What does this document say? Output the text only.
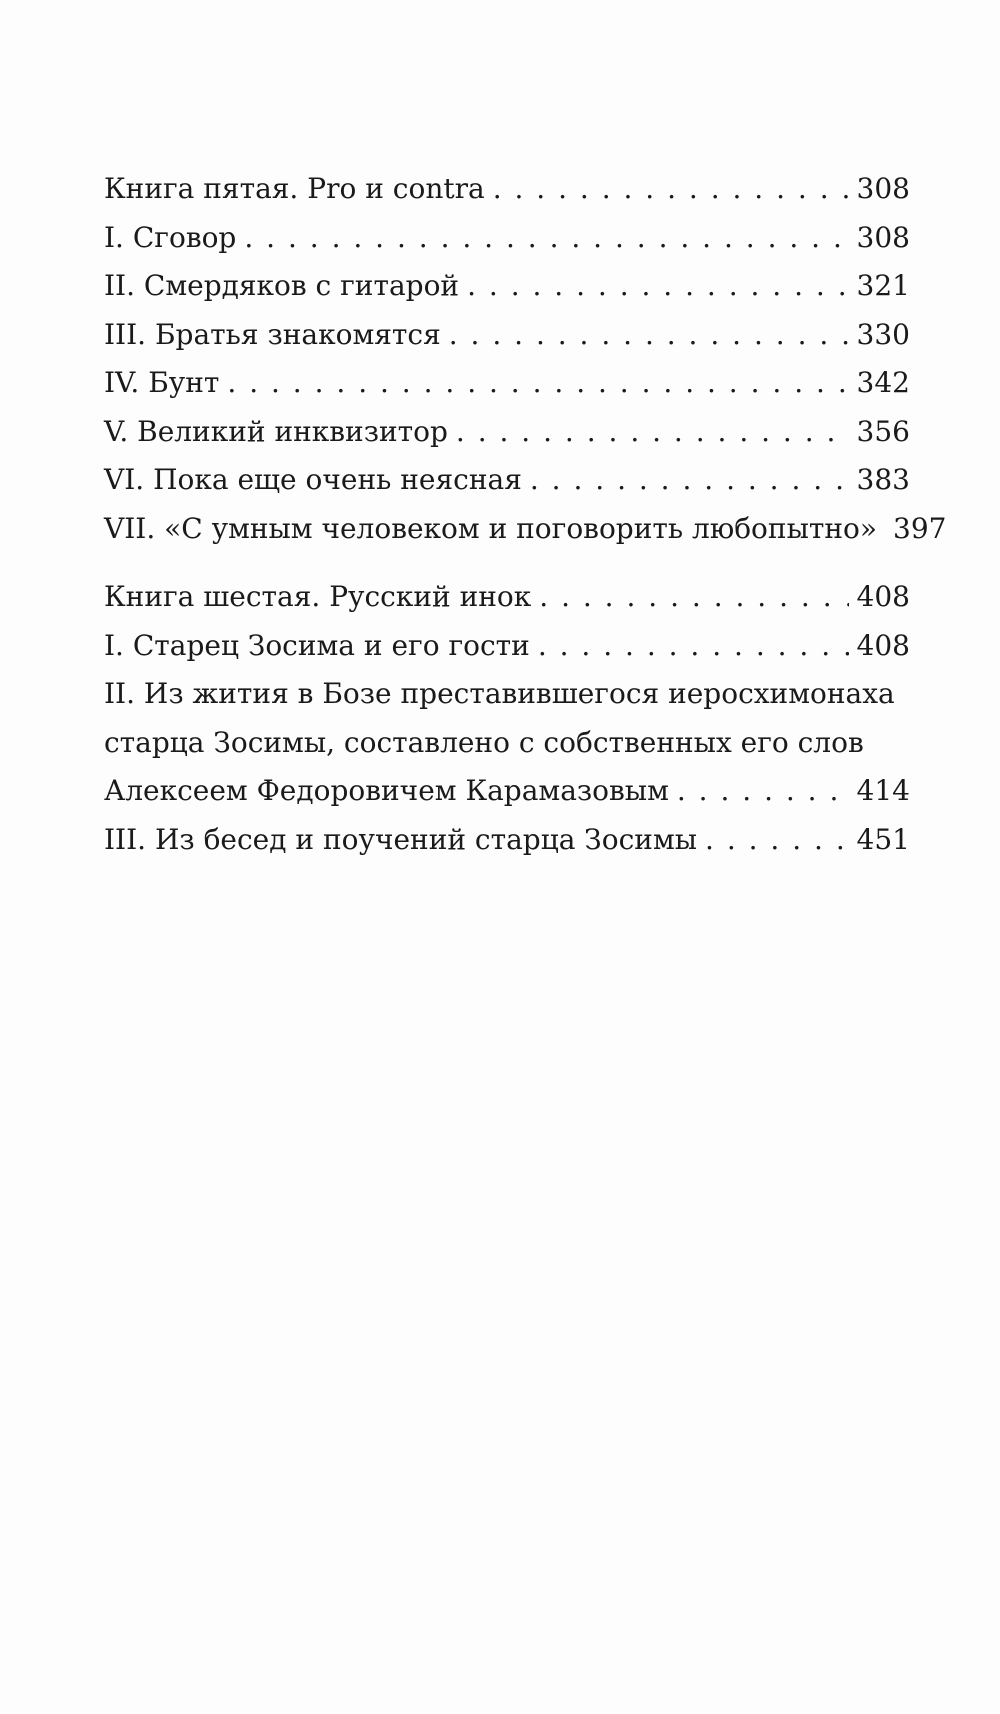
Книга пятая. Pro и contra . . .	308
I. Сговор . . .	308
II. Смердяков с гитарой . . .	321
III. Братья знакомятся . . .	330
IV. Бунт . . .	342
V. Великий инквизитор . . .	356
VI. Пока еще очень неясная . . .	383
VII. «С умным человеком и поговорить любопытно» 397
Книга шестая. Русский инок . . .	408
I. Старец Зосима и его гости . . .	408
II. Из жития в Бозе преставившегося иеросхимонаха
старца Зосимы, составлено с собственных его слов
Алексеем Федоровичем Карамазовым . . .	414
III. Из бесед и поучений старца Зосимы . . .	451
